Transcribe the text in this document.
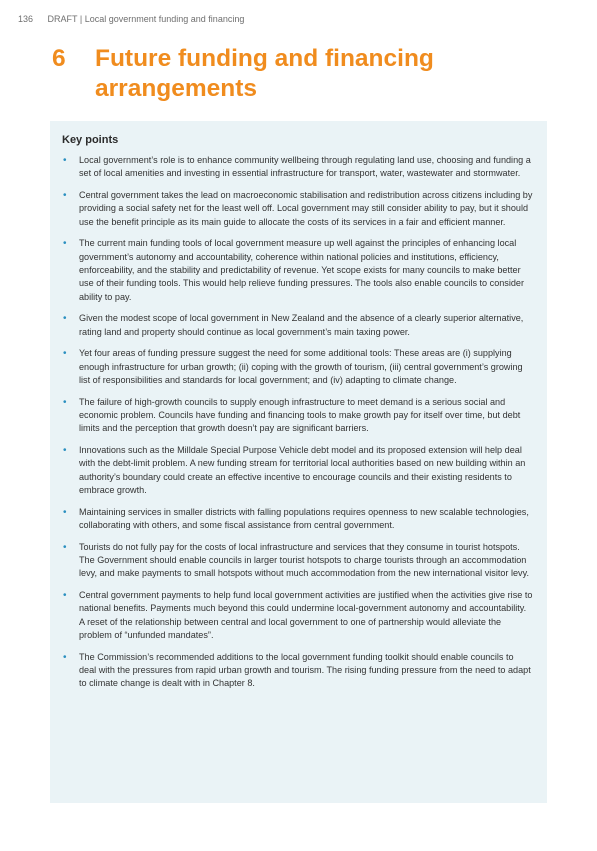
136 DRAFT | Local government funding and financing
6 Future funding and financing
arrangements
Key points
• Local government’s role is to enhance community wellbeing through regulating land use, choosing and funding a set of local amenities and investing in essential infrastructure for transport, water, wastewater and stormwater.
• Central government takes the lead on macroeconomic stabilisation and redistribution across citizens including by providing a social safety net for the least well off. Local government may still consider ability to pay, but it should use the benefit principle as its main guide to allocate the costs of its services in a fair and efficient manner.
• The current main funding tools of local government measure up well against the principles of enhancing local government’s autonomy and accountability, coherence within national policies and institutions, efficiency, enforceability, and the stability and predictability of revenue. Yet scope exists for many councils to make better use of their funding tools. This would help relieve funding pressures. The tools also enable councils to consider ability to pay.
• Given the modest scope of local government in New Zealand and the absence of a clearly superior alternative, rating land and property should continue as local government’s main taxing power.
• Yet four areas of funding pressure suggest the need for some additional tools: These areas are (i) supplying enough infrastructure for urban growth; (ii) coping with the growth of tourism, (iii) central government’s growing list of responsibilities and standards for local government; and (iv) adapting to climate change.
• The failure of high-growth councils to supply enough infrastructure to meet demand is a serious social and economic problem. Councils have funding and financing tools to make growth pay for itself over time, but debt limits and the perception that growth doesn’t pay are significant barriers.
• Innovations such as the Milldale Special Purpose Vehicle debt model and its proposed extension will help deal with the debt-limit problem. A new funding stream for territorial local authorities based on new building within an authority’s boundary could create an effective incentive to encourage councils and their existing residents to embrace growth.
• Maintaining services in smaller districts with falling populations requires openness to new scalable technologies, collaborating with others, and some fiscal assistance from central government.
• Tourists do not fully pay for the costs of local infrastructure and services that they consume in tourist hotspots. The Government should enable councils in larger tourist hotspots to charge tourists through an accommodation levy, and make payments to small hotspots without much accommodation from the new international visitor levy.
• Central government payments to help fund local government activities are justified when the activities give rise to national benefits. Payments much beyond this could undermine local-government autonomy and accountability. A reset of the relationship between central and local government to one of partnership would alleviate the problem of “unfunded mandates”.
• The Commission’s recommended additions to the local government funding toolkit should enable councils to deal with the pressures from rapid urban growth and tourism. The rising funding pressure from the need to adapt to climate change is dealt with in Chapter 8.
